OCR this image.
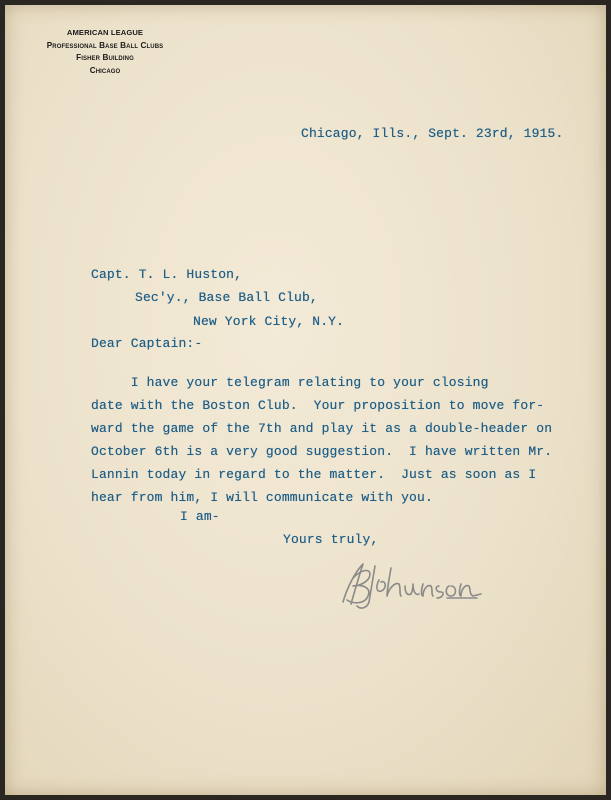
AMERICAN LEAGUE
Professional Base Ball Clubs
Fisher Building
Chicago
Chicago, Ills., Sept. 23rd, 1915.
Capt. T. L. Huston,
Sec'y., Base Ball Club,
New York City, N.Y.
Dear Captain:-
I have your telegram relating to your closing
date with the Boston Club.  Your proposition to move for-
ward the game of the 7th and play it as a double-header on
October 6th is a very good suggestion.  I have written Mr.
Lannin today in regard to the matter.  Just as soon as I
hear from him, I will communicate with you.
I am-
Yours truly,
